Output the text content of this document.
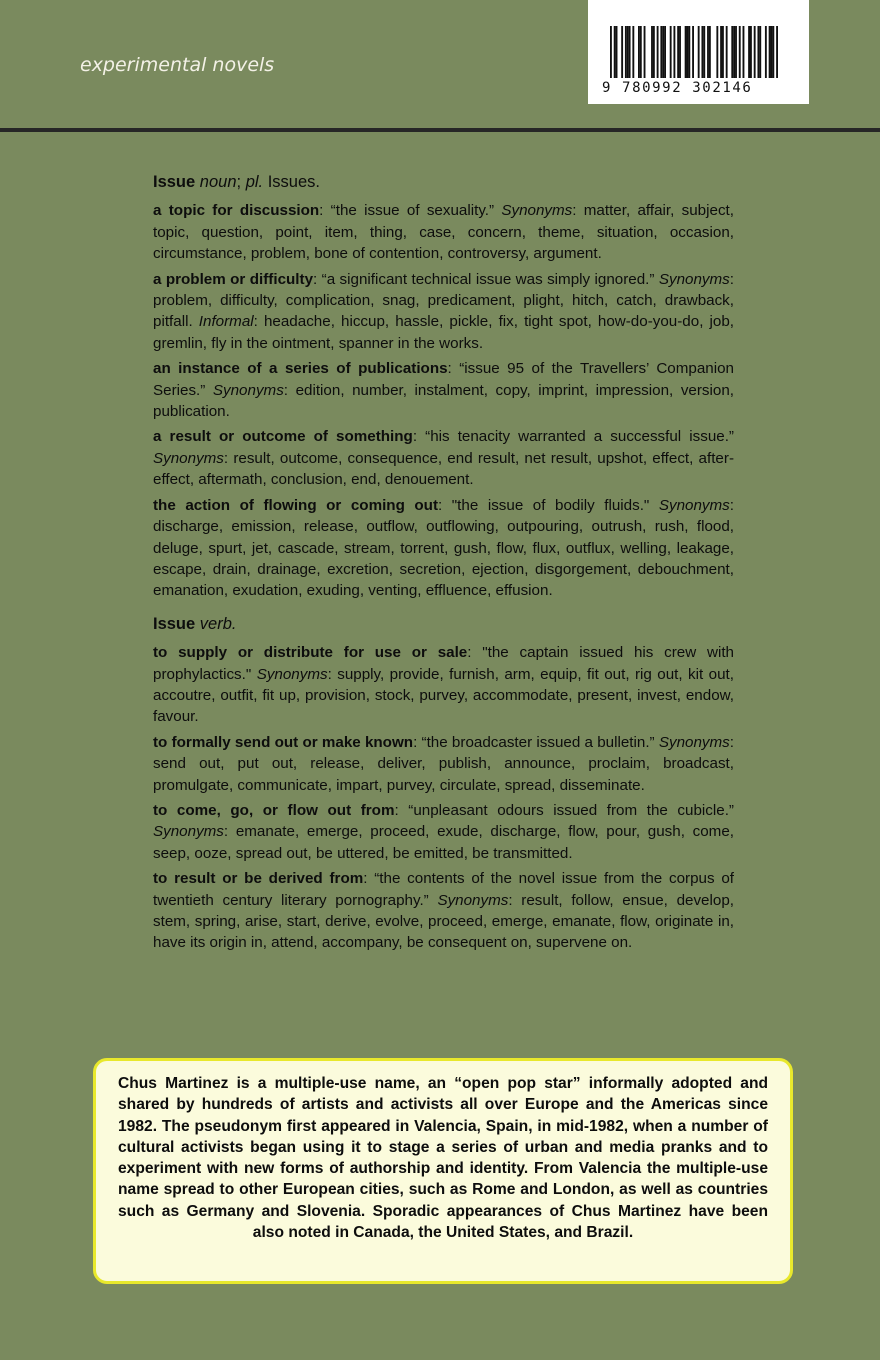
experimental novels
9 780992 302146

Issue noun; pl. Issues.

a topic for discussion: “the issue of sexuality.” Synonyms: matter, affair, subject, topic, question, point, item, thing, case, concern, theme, situation, occasion, circumstance, problem, bone of contention, controversy, argument.

a problem or difficulty: “a significant technical issue was simply ignored.” Synonyms: problem, difficulty, complication, snag, predicament, plight, hitch, catch, drawback, pitfall. Informal: headache, hiccup, hassle, pickle, fix, tight spot, how-do-you-do, job, gremlin, fly in the ointment, spanner in the works.

an instance of a series of publications: “issue 95 of the Travellers’ Companion Series.” Synonyms: edition, number, instalment, copy, imprint, impression, version, publication.

a result or outcome of something: “his tenacity warranted a successful issue.” Synonyms: result, outcome, consequence, end result, net result, upshot, effect, after-effect, aftermath, conclusion, end, denouement.

the action of flowing or coming out: "the issue of bodily fluids." Synonyms: discharge, emission, release, outflow, outflowing, outpouring, outrush, rush, flood, deluge, spurt, jet, cascade, stream, torrent, gush, flow, flux, outflux, welling, leakage, escape, drain, drainage, excretion, secretion, ejection, disgorgement, debouchment, emanation, exudation, exuding, venting, effluence, effusion.

Issue verb.

to supply or distribute for use or sale: "the captain issued his crew with prophylactics." Synonyms: supply, provide, furnish, arm, equip, fit out, rig out, kit out, accoutre, outfit, fit up, provision, stock, purvey, accommodate, present, invest, endow, favour.

to formally send out or make known: “the broadcaster issued a bulletin.” Synonyms: send out, put out, release, deliver, publish, announce, proclaim, broadcast, promulgate, communicate, impart, purvey, circulate, spread, disseminate.

to come, go, or flow out from: “unpleasant odours issued from the cubicle.” Synonyms: emanate, emerge, proceed, exude, discharge, flow, pour, gush, come, seep, ooze, spread out, be uttered, be emitted, be transmitted.

to result or be derived from: “the contents of the novel issue from the corpus of twentieth century literary pornography.” Synonyms: result, follow, ensue, develop, stem, spring, arise, start, derive, evolve, proceed, emerge, emanate, flow, originate in, have its origin in, attend, accompany, be consequent on, supervene on.

Chus Martinez is a multiple-use name, an “open pop star” informally adopted and shared by hundreds of artists and activists all over Europe and the Americas since 1982. The pseudonym first appeared in Valencia, Spain, in mid-1982, when a number of cultural activists began using it to stage a series of urban and media pranks and to experiment with new forms of authorship and identity. From Valencia the multiple-use name spread to other European cities, such as Rome and London, as well as countries such as Germany and Slovenia. Sporadic appearances of Chus Martinez have been also noted in Canada, the United States, and Brazil.
